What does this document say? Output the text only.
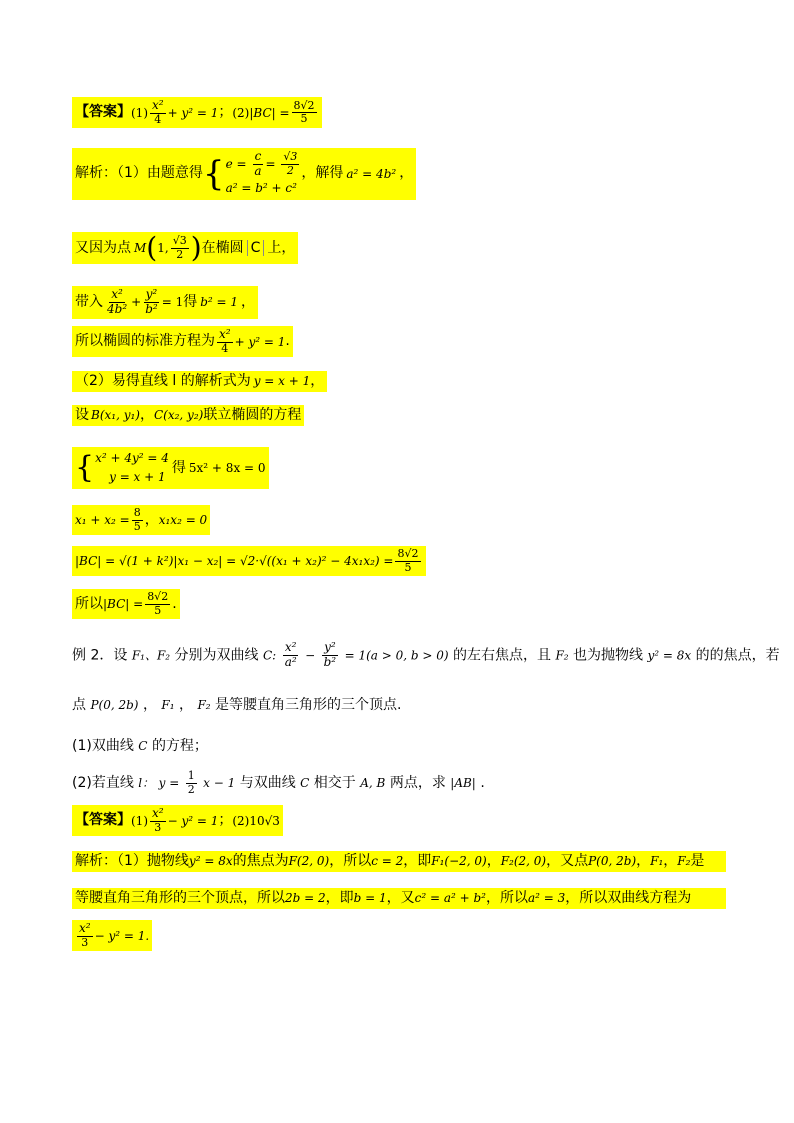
【答案】 $(1) \frac{\text{x²}}{4} + y^2 = 1$ ； (2) $|BC| = \frac{8√2}{5}$
解析：（1）由题意得 { $e = \frac{c}{a} = \frac{√3}{2}$
a² = b² + c²
，解得 a² = 4b² ，
又因为点 M ( 1, $\frac{√3}{2}$ ) 在椭圆 C 上，
带入 $\frac{\text{x²}}{\text{4b²}} + \frac{\text{y²}}{\text{b²}} = 1$ 得 b² = 1 ，
所以椭圆的标准方程为 $\frac{\text{x²}}{4} + y^2 = 1$ .
（2）易得直线 l 的解析式为 y = x + 1 ，
设 B(x₁, y₁) ， C(x₂, y₂) 联立椭圆的方程
{ x² + 4y² = 4
y = x + 1
得 5x² + 8x = 0
$x_1 + x_2 = \frac{8}{5}$ ， x₁x₂ = 0
$|BC| = √(1 + k^2)|x_1 - x_2| = √2\cdot√((x_1 + x_2)^2 - 4x_1x_2) = \frac{8√2}{5}$
所以 $|BC| = \frac{8√2}{5}$ .
例 2．设 F₁、F₂ 分别为双曲线 C: $\frac{\text{x²}}{\text{a²}} - \frac{\text{y²}}{\text{b²}} = 1(a > 0$, b > 0) 的左右焦点，且 F₂ 也为抛物线 y² = 8x 的的焦点，若
点 P(0, 2b) ， F₁ ， F₂ 是等腰直角三角形的三个顶点.
(1)双曲线 C 的方程；
(2)若直线 l： $y = \frac{1}{2}$ x − 1 与双曲线 C 相交于 A, B 两点，求 |AB| .
【答案】 $(1) \frac{\text{x²}}{3} - y^2 = 1$ ； (2) 10√3
解析：（1）抛物线 y² = 8x 的焦点为 F(2, 0) ，所以 c = 2 ，即 F₁(−2, 0) ， F₂(2, 0) ，又点 P(0, 2b) ， F₁ ， F₂ 是
等腰直角三角形的三个顶点，所以 2b = 2 ，即 b = 1 ，又 c² = a² + b² ，所以 a² = 3 ，所以双曲线方程为
$\frac{\text{x²}}{3} - y^2 = 1$.
